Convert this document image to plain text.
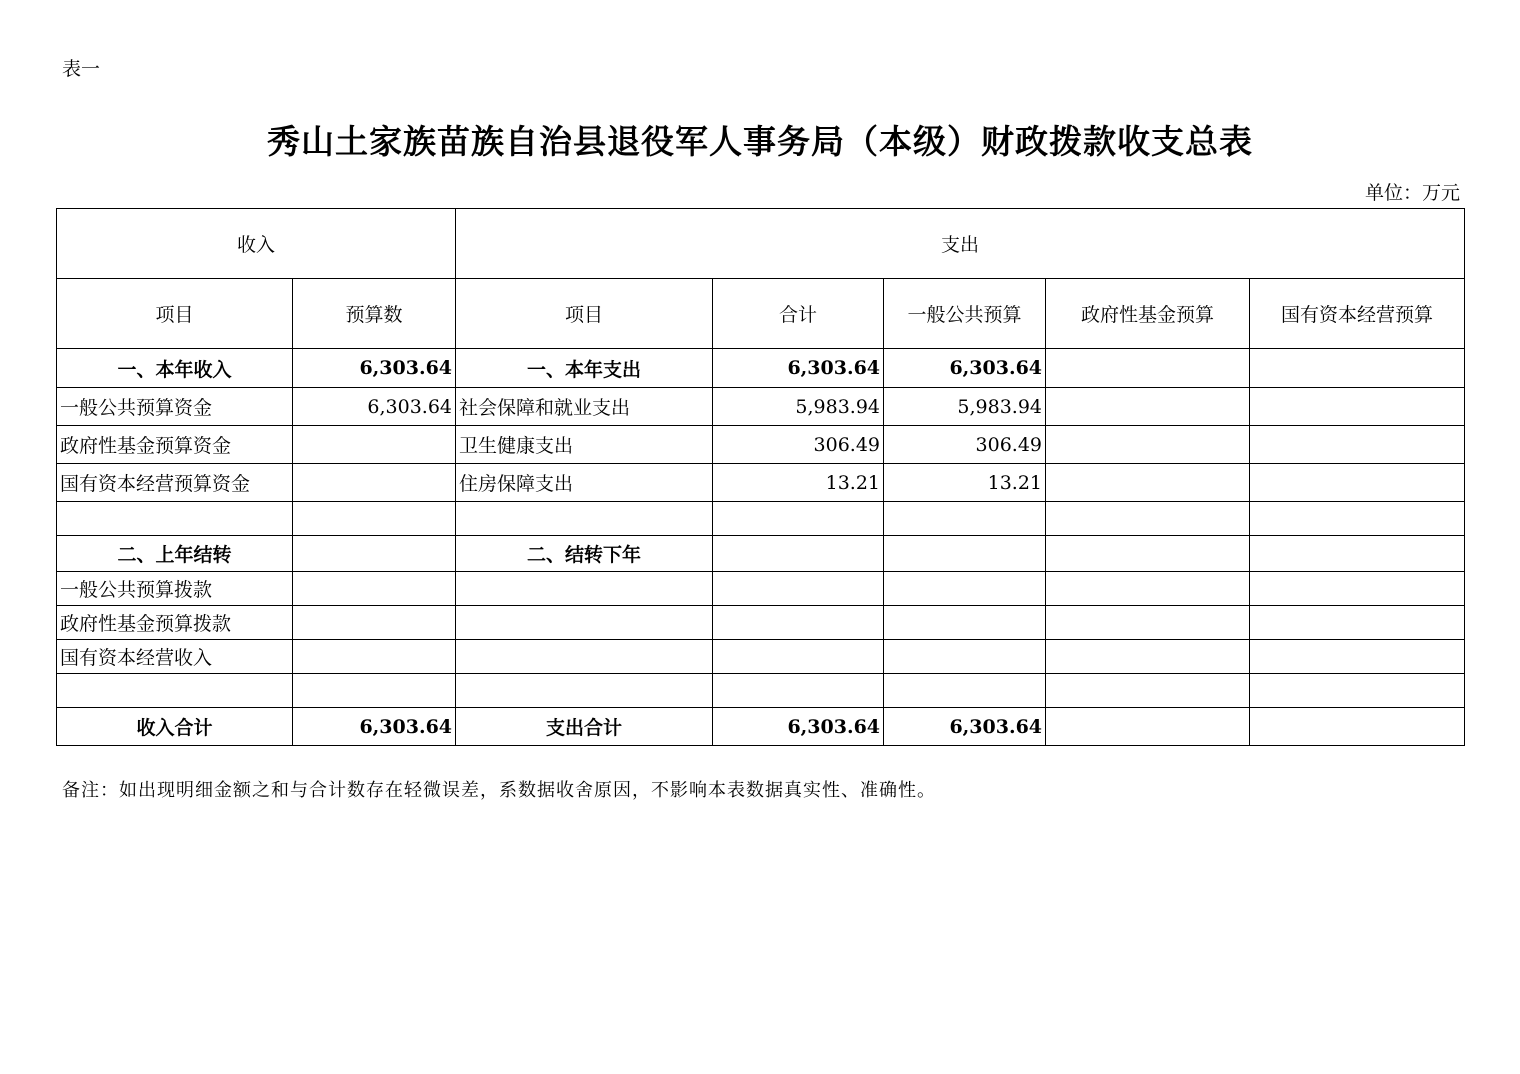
表一
秀山土家族苗族自治县退役军人事务局（本级）财政拨款收支总表
单位：万元
收入		支出				
项目	预算数	项目	合计	一般公共预算	政府性基金预算	国有资本经营预算
一、本年收入	6,303.64	一、本年支出	6,303.64	6,303.64		
一般公共预算资金	6,303.64	社会保障和就业支出	5,983.94	5,983.94		
政府性基金预算资金		卫生健康支出	306.49	306.49		
国有资本经营预算资金		住房保障支出	13.21	13.21		

二、上年结转		二、结转下年				
一般公共预算拨款						
政府性基金预算拨款						
国有资本经营收入						

收入合计	6,303.64	支出合计	6,303.64	6,303.64		
备注：如出现明细金额之和与合计数存在轻微误差，系数据收舍原因，不影响本表数据真实性、准确性。
